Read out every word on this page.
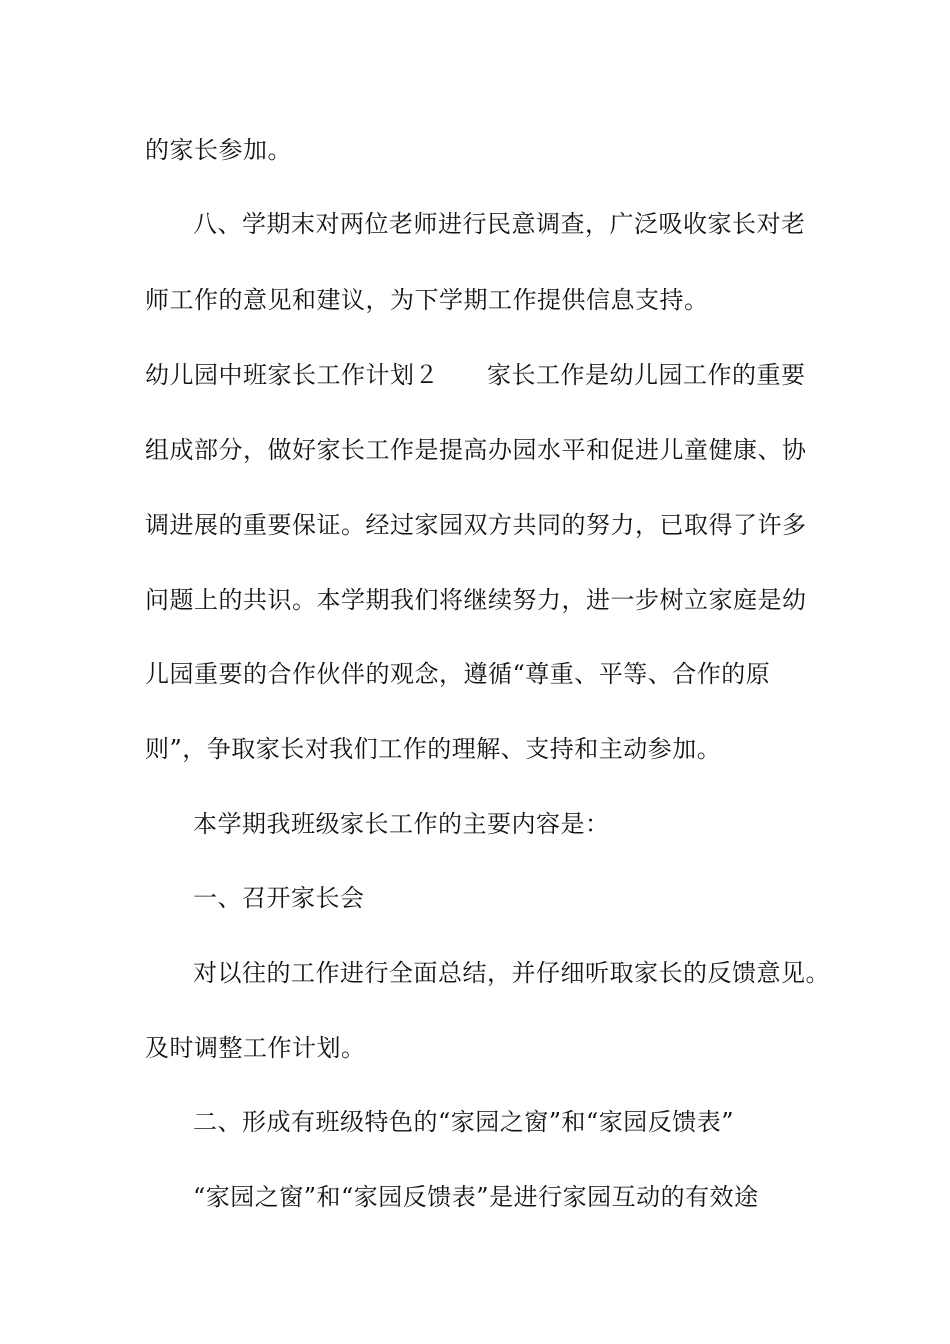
的家长参加。
八、学期末对两位老师进行民意调查，广泛吸收家长对老
师工作的意见和建议，为下学期工作提供信息支持。
幼儿园中班家长工作计划２ 家长工作是幼儿园工作的重要
组成部分，做好家长工作是提高办园水平和促进儿童健康、协
调进展的重要保证。经过家园双方共同的努力，已取得了许多
问题上的共识。本学期我们将继续努力，进一步树立家庭是幼
儿园重要的合作伙伴的观念，遵循“尊重、平等、合作的原
则”，争取家长对我们工作的理解、支持和主动参加。
本学期我班级家长工作的主要内容是：
一、召开家长会
对以往的工作进行全面总结，并仔细听取家长的反馈意见。
及时调整工作计划。
二、形成有班级特色的“家园之窗”和“家园反馈表”
“家园之窗”和“家园反馈表”是进行家园互动的有效途
